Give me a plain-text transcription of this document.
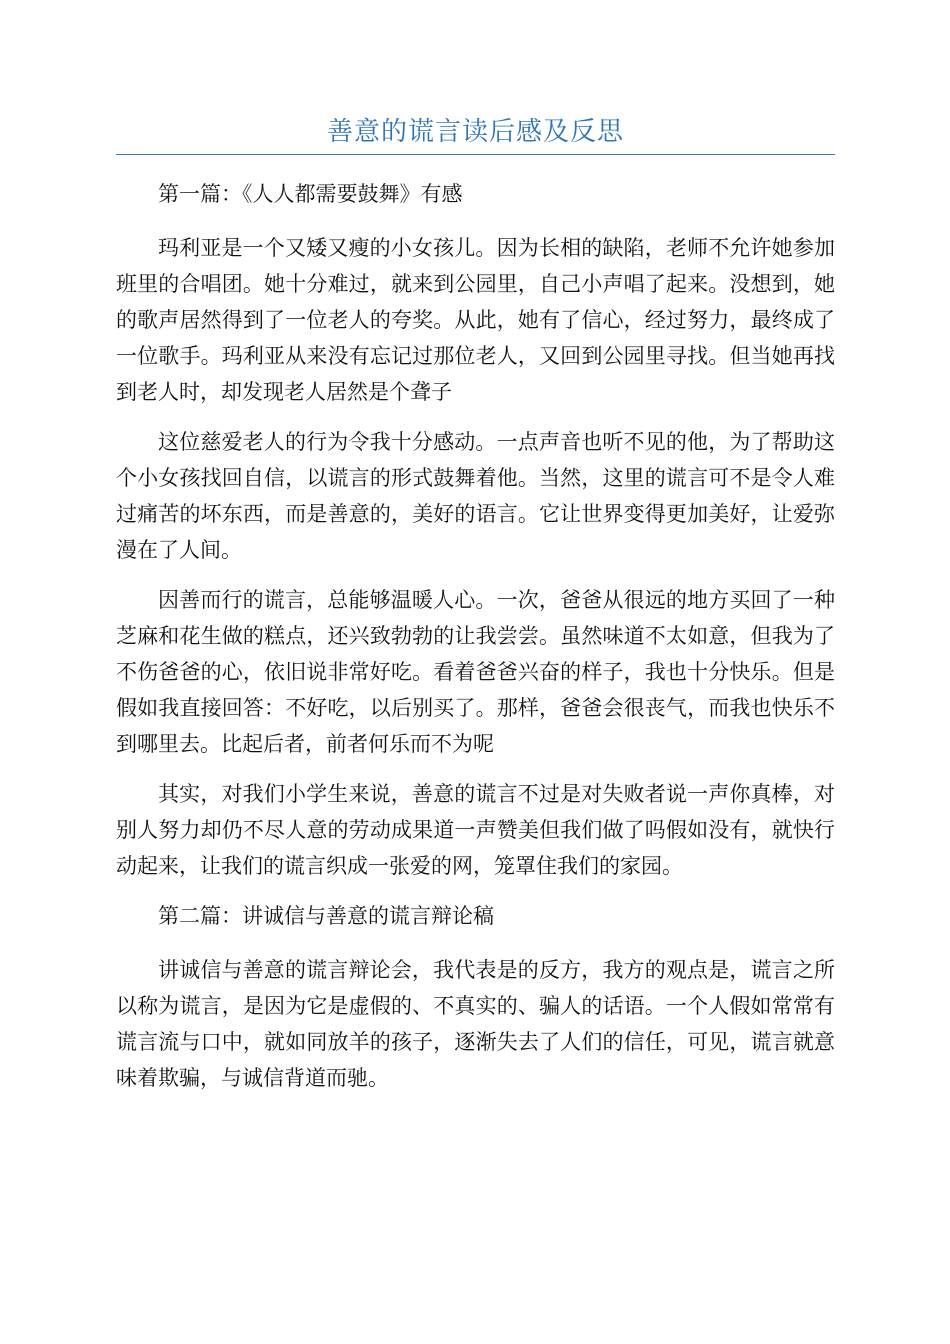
善意的谎言读后感及反思

第一篇：《人人都需要鼓舞》有感

玛利亚是一个又矮又瘦的小女孩儿。因为长相的缺陷，老师不允许她参加班里的合唱团。她十分难过，就来到公园里，自己小声唱了起来。没想到，她的歌声居然得到了一位老人的夸奖。从此，她有了信心，经过努力，最终成了一位歌手。玛利亚从来没有忘记过那位老人，又回到公园里寻找。但当她再找到老人时，却发现老人居然是个聋子

这位慈爱老人的行为令我十分感动。一点声音也听不见的他，为了帮助这个小女孩找回自信，以谎言的形式鼓舞着他。当然，这里的谎言可不是令人难过痛苦的坏东西，而是善意的，美好的语言。它让世界变得更加美好，让爱弥漫在了人间。

因善而行的谎言，总能够温暖人心。一次，爸爸从很远的地方买回了一种芝麻和花生做的糕点，还兴致勃勃的让我尝尝。虽然味道不太如意，但我为了不伤爸爸的心，依旧说非常好吃。看着爸爸兴奋的样子，我也十分快乐。但是假如我直接回答：不好吃，以后别买了。那样，爸爸会很丧气，而我也快乐不到哪里去。比起后者，前者何乐而不为呢

其实，对我们小学生来说，善意的谎言不过是对失败者说一声你真棒，对别人努力却仍不尽人意的劳动成果道一声赞美但我们做了吗假如没有，就快行动起来，让我们的谎言织成一张爱的网，笼罩住我们的家园。

第二篇：讲诚信与善意的谎言辩论稿

讲诚信与善意的谎言辩论会，我代表是的反方，我方的观点是，谎言之所以称为谎言，是因为它是虚假的、不真实的、骗人的话语。一个人假如常常有谎言流与口中，就如同放羊的孩子，逐渐失去了人们的信任，可见，谎言就意味着欺骗，与诚信背道而驰。
